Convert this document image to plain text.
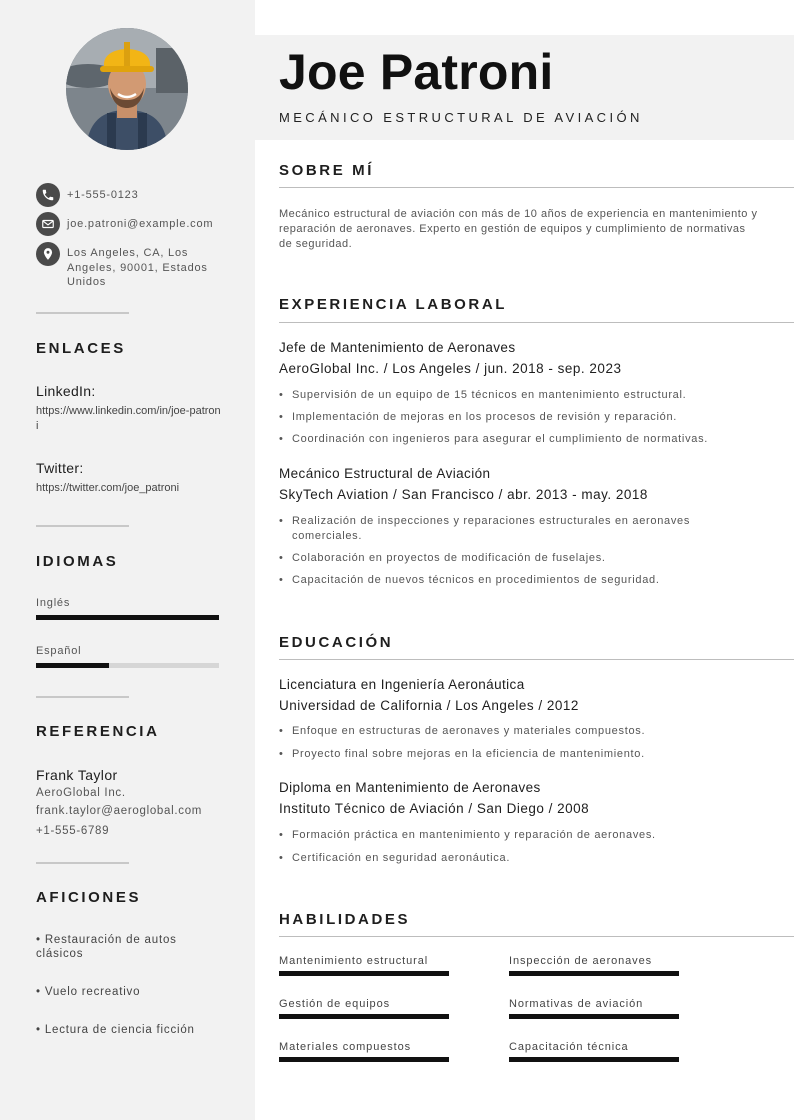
+1-555-0123
joe.patroni@example.com
Los Angeles, CA, Los Angeles, 90001, Estados Unidos
ENLACES
LinkedIn:
https://www.linkedin.com/in/joe-patroni
Twitter:
https://twitter.com/joe_patroni
IDIOMAS
Inglés
Español
REFERENCIA
Frank Taylor
AeroGlobal Inc.
frank.taylor@aeroglobal.com
+1-555-6789
AFICIONES
• Restauración de autos clásicos
• Vuelo recreativo
• Lectura de ciencia ficción
Joe Patroni
MECÁNICO ESTRUCTURAL DE AVIACIÓN
SOBRE MÍ
Mecánico estructural de aviación con más de 10 años de experiencia en mantenimiento y reparación de aeronaves. Experto en gestión de equipos y cumplimiento de normativas de seguridad.
EXPERIENCIA LABORAL
Jefe de Mantenimiento de Aeronaves
AeroGlobal Inc. / Los Angeles / jun. 2018 - sep. 2023
• Supervisión de un equipo de 15 técnicos en mantenimiento estructural.
• Implementación de mejoras en los procesos de revisión y reparación.
• Coordinación con ingenieros para asegurar el cumplimiento de normativas.
Mecánico Estructural de Aviación
SkyTech Aviation / San Francisco / abr. 2013 - may. 2018
• Realización de inspecciones y reparaciones estructurales en aeronaves comerciales.
• Colaboración en proyectos de modificación de fuselajes.
• Capacitación de nuevos técnicos en procedimientos de seguridad.
EDUCACIÓN
Licenciatura en Ingeniería Aeronáutica
Universidad de California / Los Angeles / 2012
• Enfoque en estructuras de aeronaves y materiales compuestos.
• Proyecto final sobre mejoras en la eficiencia de mantenimiento.
Diploma en Mantenimiento de Aeronaves
Instituto Técnico de Aviación / San Diego / 2008
• Formación práctica en mantenimiento y reparación de aeronaves.
• Certificación en seguridad aeronáutica.
HABILIDADES
Mantenimiento estructural	Inspección de aeronaves
Gestión de equipos	Normativas de aviación
Materiales compuestos	Capacitación técnica
